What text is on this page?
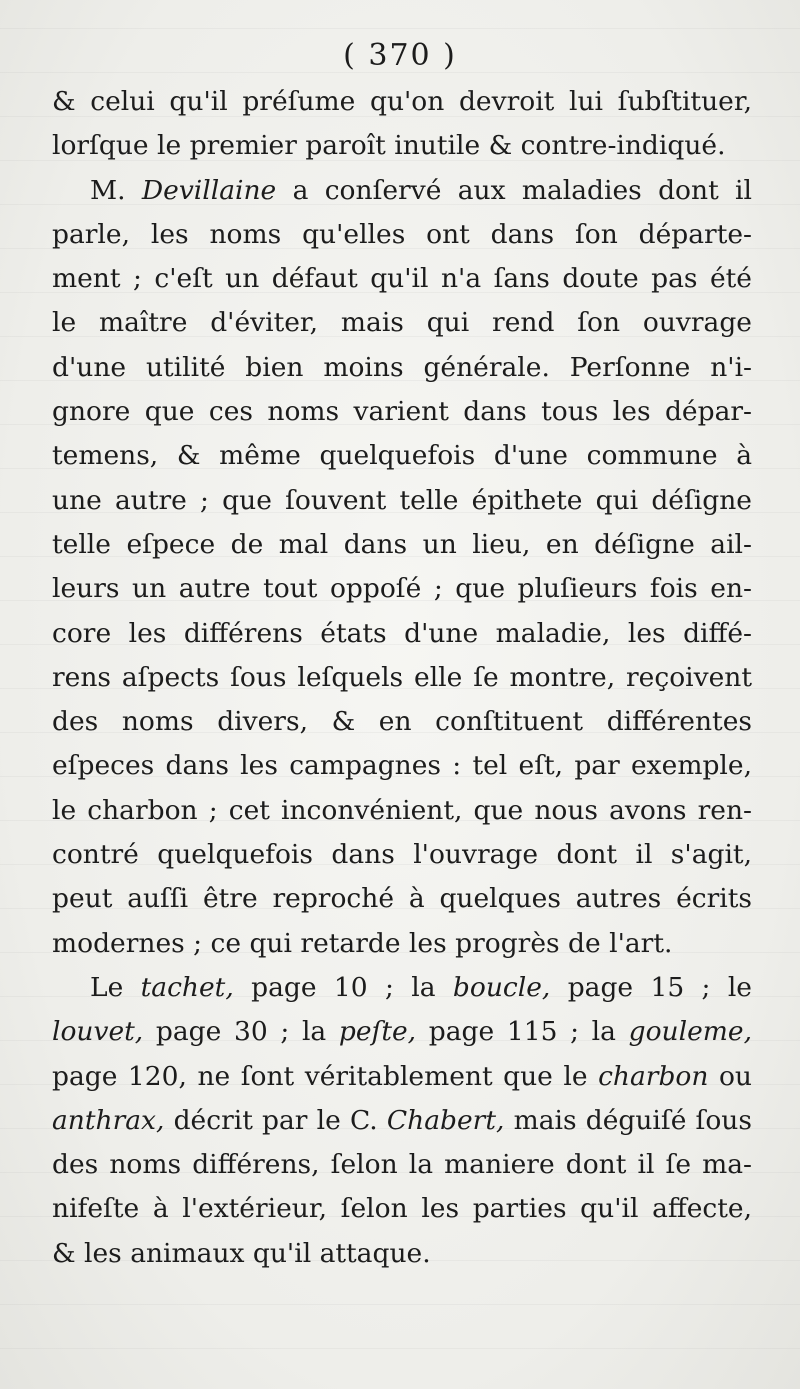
( 370 )
& celui qu'il préſume qu'on devroit lui ſubſtituer,
lorſque le premier paroît inutile & contre-indiqué.
M. Devillaine a conſervé aux maladies dont il
parle, les noms qu'elles ont dans ſon départe-
ment ; c'eſt un défaut qu'il n'a ſans doute pas été
le maître d'éviter, mais qui rend ſon ouvrage
d'une utilité bien moins générale. Perſonne n'i-
gnore que ces noms varient dans tous les dépar-
temens, & même quelquefois d'une commune à
une autre ; que ſouvent telle épithete qui déſigne
telle eſpece de mal dans un lieu, en déſigne ail-
leurs un autre tout oppoſé ; que pluſieurs fois en-
core les différens états d'une maladie, les diffé-
rens aſpects ſous leſquels elle ſe montre, reçoivent
des noms divers, & en conſtituent différentes
eſpeces dans les campagnes : tel eſt, par exemple,
le charbon ; cet inconvénient, que nous avons ren-
contré quelquefois dans l'ouvrage dont il s'agit,
peut auſſi être reproché à quelques autres écrits
modernes ; ce qui retarde les progrès de l'art.
Le tachet, page 10 ; la boucle, page 15 ; le
louvet, page 30 ; la peſte, page 115 ; la gouleme,
page 120, ne ſont véritablement que le charbon ou
anthrax, décrit par le C. Chabert, mais déguiſé ſous
des noms différens, ſelon la maniere dont il ſe ma-
nifeſte à l'extérieur, ſelon les parties qu'il affecte,
& les animaux qu'il attaque.
